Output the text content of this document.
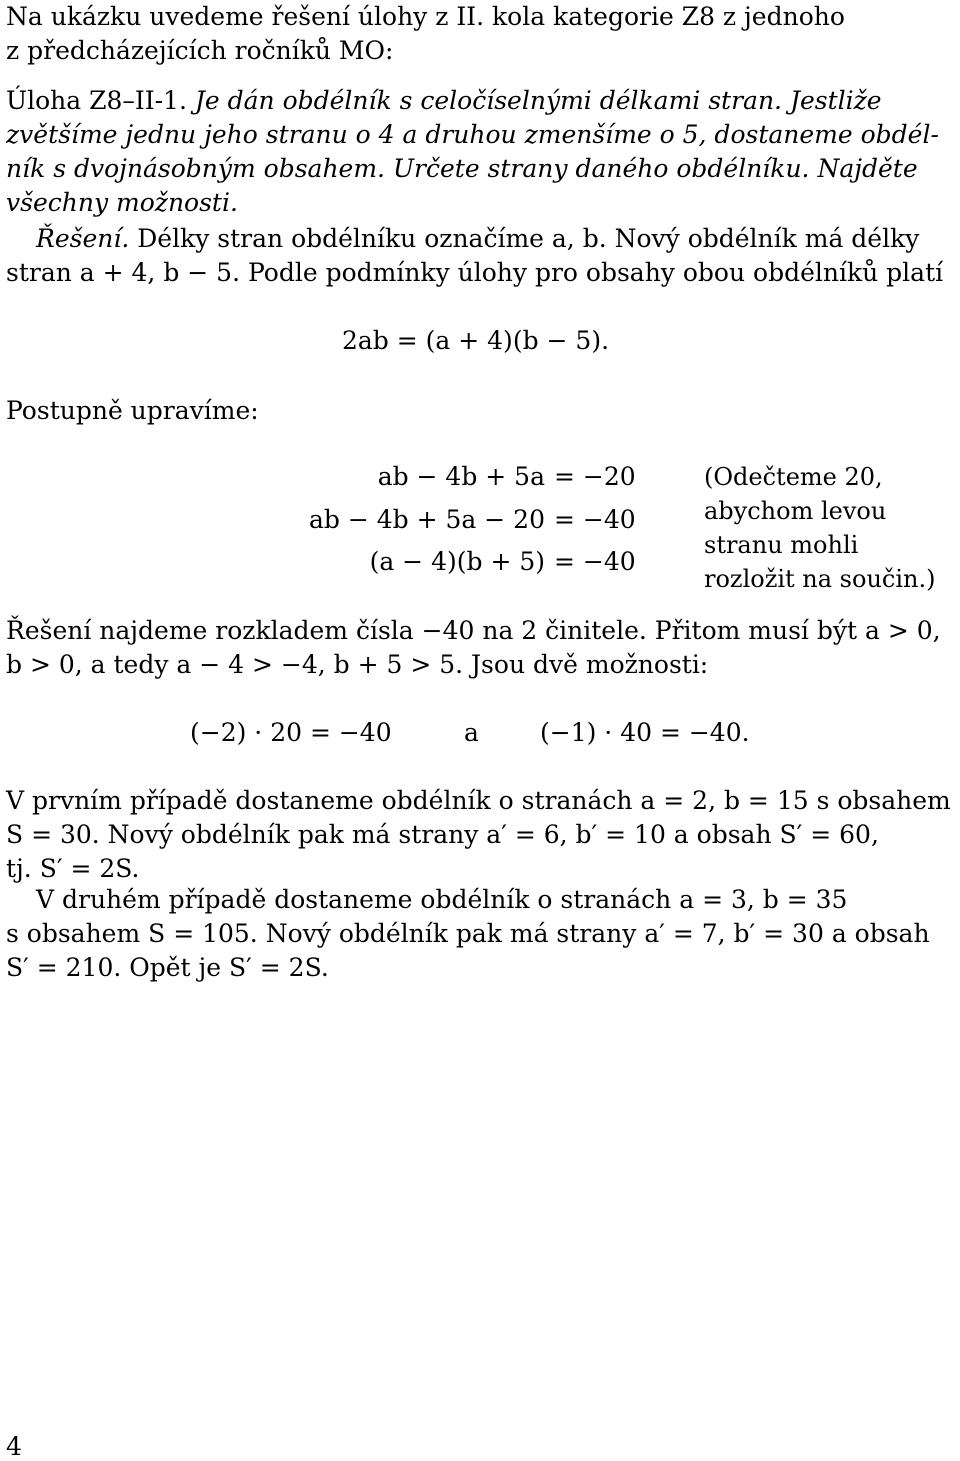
Na ukázku uvedeme řešení úlohy z II. kola kategorie Z8 z jednoho
z předcházejících ročníků MO:
Úloha Z8–II-1. Je dán obdélník s celočíselnými délkami stran. Jestliže
zvětšíme jednu jeho stranu o 4 a druhou zmenšíme o 5, dostaneme obdél-
ník s dvojnásobným obsahem. Určete strany daného obdélníku. Najděte
všechny možnosti.
Řešení. Délky stran obdélníku označíme a, b. Nový obdélník má délky
stran a + 4, b − 5. Podle podmínky úlohy pro obsahy obou obdélníků platí
2ab = (a + 4)(b − 5).
Postupně upravíme:
ab − 4b + 5a = −20
ab − 4b + 5a − 20 = −40
(a − 4)(b + 5) = −40
(Odečteme 20,
abychom levou
stranu mohli
rozložit na součin.)
Řešení najdeme rozkladem čísla −40 na 2 činitele. Přitom musí být a > 0,
b > 0, a tedy a − 4 > −4, b + 5 > 5. Jsou dvě možnosti:
(−2) · 20 = −40	a (−1) · 40 = −40.
V prvním případě dostaneme obdélník o stranách a = 2, b = 15 s obsahem
S = 30. Nový obdélník pak má strany a′ = 6, b′ = 10 a obsah S′ = 60,
tj. S′ = 2S.
V druhém případě dostaneme obdélník o stranách a = 3, b = 35
s obsahem S = 105. Nový obdélník pak má strany a′ = 7, b′ = 30 a obsah
S′ = 210. Opět je S′ = 2S.
4
